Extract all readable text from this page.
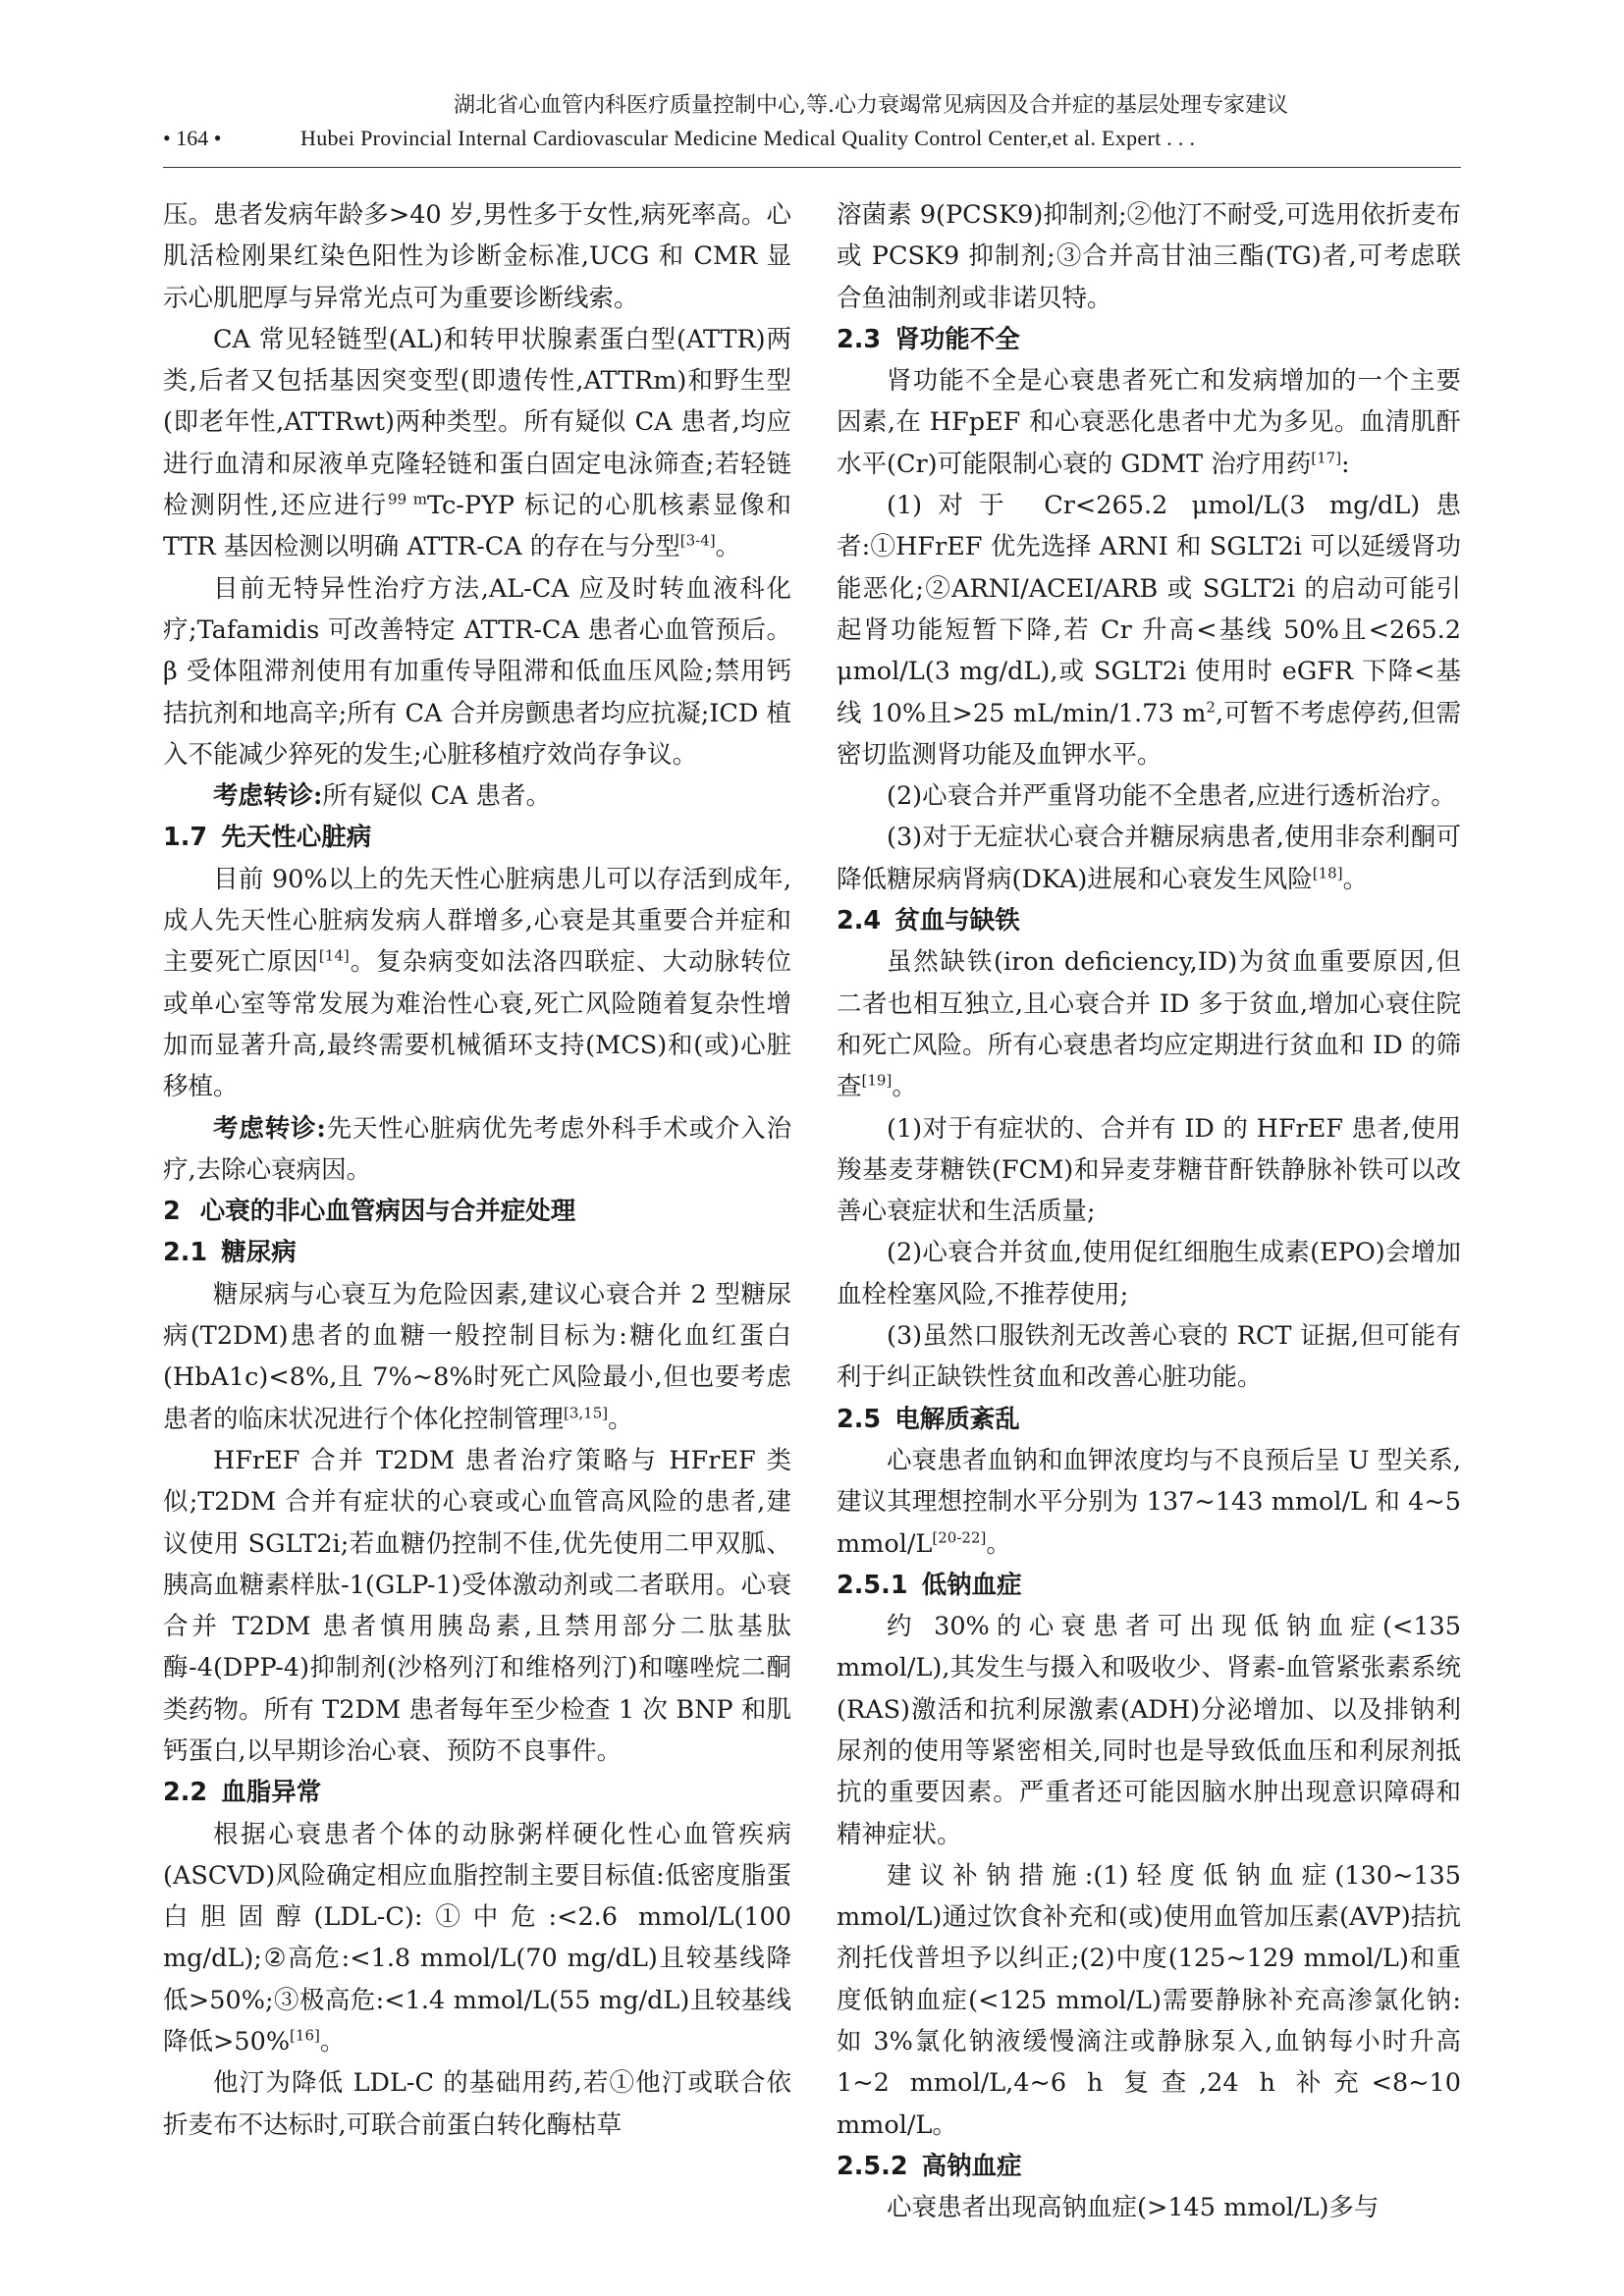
湖北省心血管内科医疗质量控制中心,等.心力衰竭常见病因及合并症的基层处理专家建议
• 164 •	Hubei Provincial Internal Cardiovascular Medicine Medical Quality Control Center,et al. Expert . . .

压。患者发病年龄多>40 岁,男性多于女性,病死率高。心肌活检刚果红染色阳性为诊断金标准,UCG 和 CMR 显示心肌肥厚与异常光点可为重要诊断线索。

CA 常见轻链型(AL)和转甲状腺素蛋白型(ATTR)两类,后者又包括基因突变型(即遗传性,ATTRm)和野生型(即老年性,ATTRwt)两种类型。所有疑似 CA 患者,均应进行血清和尿液单克隆轻链和蛋白固定电泳筛查;若轻链检测阴性,还应进行$^{99 m}$Tc-PYP 标记的心肌核素显像和 TTR 基因检测以明确 ATTR-CA 的存在与分型[3-4]。

目前无特异性治疗方法,AL-CA 应及时转血液科化疗;Tafamidis 可改善特定 ATTR-CA 患者心血管预后。β 受体阻滞剂使用有加重传导阻滞和低血压风险;禁用钙拮抗剂和地高辛;所有 CA 合并房颤患者均应抗凝;ICD 植入不能减少猝死的发生;心脏移植疗效尚存争议。

考虑转诊:所有疑似 CA 患者。

1.7 先天性心脏病

目前 90%以上的先天性心脏病患儿可以存活到成年,成人先天性心脏病发病人群增多,心衰是其重要合并症和主要死亡原因[14]。复杂病变如法洛四联症、大动脉转位或单心室等常发展为难治性心衰,死亡风险随着复杂性增加而显著升高,最终需要机械循环支持(MCS)和(或)心脏移植。

考虑转诊:先天性心脏病优先考虑外科手术或介入治疗,去除心衰病因。

2 心衰的非心血管病因与合并症处理
2.1 糖尿病

糖尿病与心衰互为危险因素,建议心衰合并 2 型糖尿病(T2DM)患者的血糖一般控制目标为:糖化血红蛋白(HbA1c)<8%,且 7%~8%时死亡风险最小,但也要考虑患者的临床状况进行个体化控制管理[3,15]。

HFrEF 合并 T2DM 患者治疗策略与 HFrEF 类似;T2DM 合并有症状的心衰或心血管高风险的患者,建议使用 SGLT2i;若血糖仍控制不佳,优先使用二甲双胍、胰高血糖素样肽-1(GLP-1)受体激动剂或二者联用。心衰合并 T2DM 患者慎用胰岛素,且禁用部分二肽基肽酶-4(DPP-4)抑制剂(沙格列汀和维格列汀)和噻唑烷二酮类药物。所有 T2DM 患者每年至少检查 1 次 BNP 和肌钙蛋白,以早期诊治心衰、预防不良事件。

2.2 血脂异常

根据心衰患者个体的动脉粥样硬化性心血管疾病(ASCVD)风险确定相应血脂控制主要目标值:低密度脂蛋白胆固醇(LDL-C):①中危:<2.6 mmol/L(100 mg/dL);②高危:<1.8 mmol/L(70 mg/dL)且较基线降低>50%;③极高危:<1.4 mmol/L(55 mg/dL)且较基线降低>50%[16]。

他汀为降低 LDL-C 的基础用药,若①他汀或联合依折麦布不达标时,可联合前蛋白转化酶枯草

溶菌素 9(PCSK9)抑制剂;②他汀不耐受,可选用依折麦布或 PCSK9 抑制剂;③合并高甘油三酯(TG)者,可考虑联合鱼油制剂或非诺贝特。

2.3 肾功能不全

肾功能不全是心衰患者死亡和发病增加的一个主要因素,在 HFpEF 和心衰恶化患者中尤为多见。血清肌酐水平(Cr)可能限制心衰的 GDMT 治疗用药[17]:

(1)对于 Cr<265.2 μmol/L(3 mg/dL)患者:①HFrEF 优先选择 ARNI 和 SGLT2i 可以延缓肾功能恶化;②ARNI/ACEI/ARB 或 SGLT2i 的启动可能引起肾功能短暂下降,若 Cr 升高<基线 50%且<265.2 μmol/L(3 mg/dL),或 SGLT2i 使用时 eGFR 下降<基线 10%且>25 mL/min/1.73 $m^2$,可暂不考虑停药,但需密切监测肾功能及血钾水平。

(2)心衰合并严重肾功能不全患者,应进行透析治疗。

(3)对于无症状心衰合并糖尿病患者,使用非奈利酮可降低糖尿病肾病(DKA)进展和心衰发生风险[18]。

2.4 贫血与缺铁

虽然缺铁(iron deficiency,ID)为贫血重要原因,但二者也相互独立,且心衰合并 ID 多于贫血,增加心衰住院和死亡风险。所有心衰患者均应定期进行贫血和 ID 的筛查[19]。

(1)对于有症状的、合并有 ID 的 HFrEF 患者,使用羧基麦芽糖铁(FCM)和异麦芽糖苷酐铁静脉补铁可以改善心衰症状和生活质量;

(2)心衰合并贫血,使用促红细胞生成素(EPO)会增加血栓栓塞风险,不推荐使用;

(3)虽然口服铁剂无改善心衰的 RCT 证据,但可能有利于纠正缺铁性贫血和改善心脏功能。

2.5 电解质紊乱

心衰患者血钠和血钾浓度均与不良预后呈 U 型关系,建议其理想控制水平分别为 137~143 mmol/L 和 4~5 mmol/L[20-22]。

2.5.1 低钠血症

约 30%的心衰患者可出现低钠血症(<135 mmol/L),其发生与摄入和吸收少、肾素-血管紧张素系统(RAS)激活和抗利尿激素(ADH)分泌增加、以及排钠利尿剂的使用等紧密相关,同时也是导致低血压和利尿剂抵抗的重要因素。严重者还可能因脑水肿出现意识障碍和精神症状。

建议补钠措施:(1)轻度低钠血症(130~135 mmol/L)通过饮食补充和(或)使用血管加压素(AVP)拮抗剂托伐普坦予以纠正;(2)中度(125~129 mmol/L)和重度低钠血症(<125 mmol/L)需要静脉补充高渗氯化钠:如 3%氯化钠液缓慢滴注或静脉泵入,血钠每小时升高 1~2 mmol/L,4~6 h 复查,24 h 补充<8~10 mmol/L。

2.5.2 高钠血症

心衰患者出现高钠血症(>145 mmol/L)多与
